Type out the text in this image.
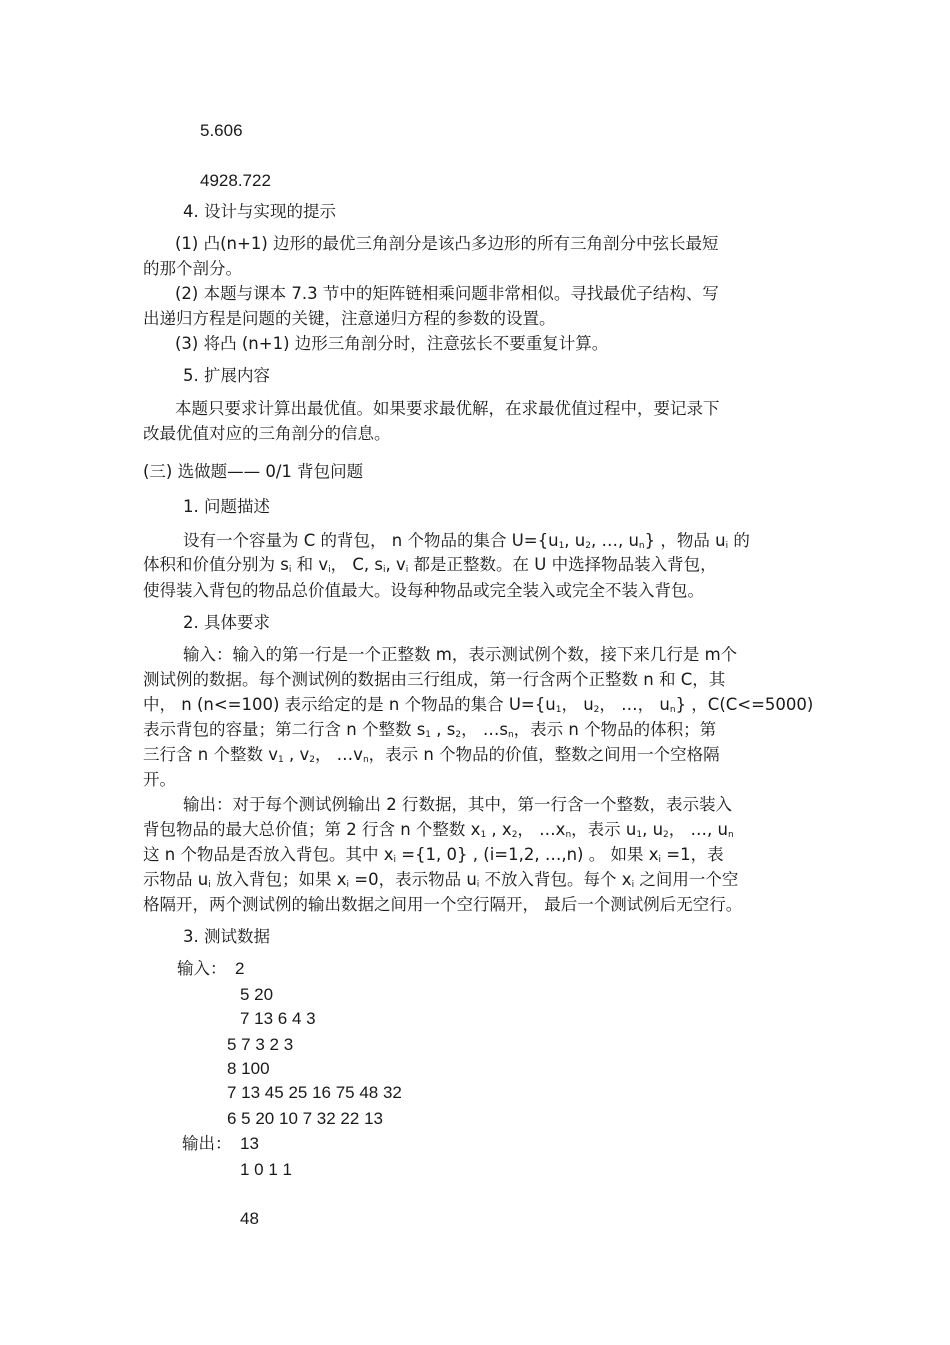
5.606
4928.722
4. 设计与实现的提示
(1) 凸(n+1) 边形的最优三角剖分是该凸多边形的所有三角剖分中弦长最短
的那个剖分。
(2) 本题与课本 7.3 节中的矩阵链相乘问题非常相似。寻找最优子结构、写
出递归方程是问题的关键，注意递归方程的参数的设置。
(3) 将凸 (n+1) 边形三角剖分时，注意弦长不要重复计算。
5. 扩展内容
本题只要求计算出最优值。如果要求最优解，在求最优值过程中，要记录下
改最优值对应的三角剖分的信息。
(三) 选做题—— 0/1 背包问题
1. 问题描述
设有一个容量为 C 的背包， n 个物品的集合 $U=\{u_1$, $u_2$, …, $u_n$} ，物品 $u_i$ 的
体积和价值分别为 $s_i$ 和 $v_i$， C, $s_i$, $v_i$ 都是正整数。在 U 中选择物品装入背包，
使得装入背包的物品总价值最大。设每种物品或完全装入或完全不装入背包。
2. 具体要求
输入：输入的第一行是一个正整数 m，表示测试例个数，接下来几行是 m个
测试例的数据。每个测试例的数据由三行组成，第一行含两个正整数 n 和 C，其
中， n (n<=100) 表示给定的是 n 个物品的集合 $U=\{u_1$， $u_2$， …， $u_n$} ，C(C<=5000)
表示背包的容量；第二行含 n 个整数 $s_1$ , $s_2$， $\dots s_n$，表示 n 个物品的体积；第
三行含 n 个整数 $v_1$ , $v_2$， $\dots v_n$，表示 n 个物品的价值，整数之间用一个空格隔
开。
输出：对于每个测试例输出 2 行数据，其中，第一行含一个整数，表示装入
背包物品的最大总价值；第 2 行含 n 个整数 $x_1$ , $x_2$， $\dots x_n$，表示 $u_1$, $u_2$， …, $u_n$
这 n 个物品是否放入背包。其中 $x_i =\{1$, 0} , (i=1,2, …,n) 。 如果 $x_i =1$，表
示物品 $u_i$ 放入背包；如果 $x_i =0$，表示物品 $u_i$ 不放入背包。每个 $x_i$ 之间用一个空
格隔开，两个测试例的输出数据之间用一个空行隔开， 最后一个测试例后无空行。
3. 测试数据
输入： 2
5 20
7 13 6 4 3
5 7 3 2 3
8 100
7 13 45 25 16 75 48 32
6 5 20 10 7 32 22 13
输出： 13
1 0 1 1
48
